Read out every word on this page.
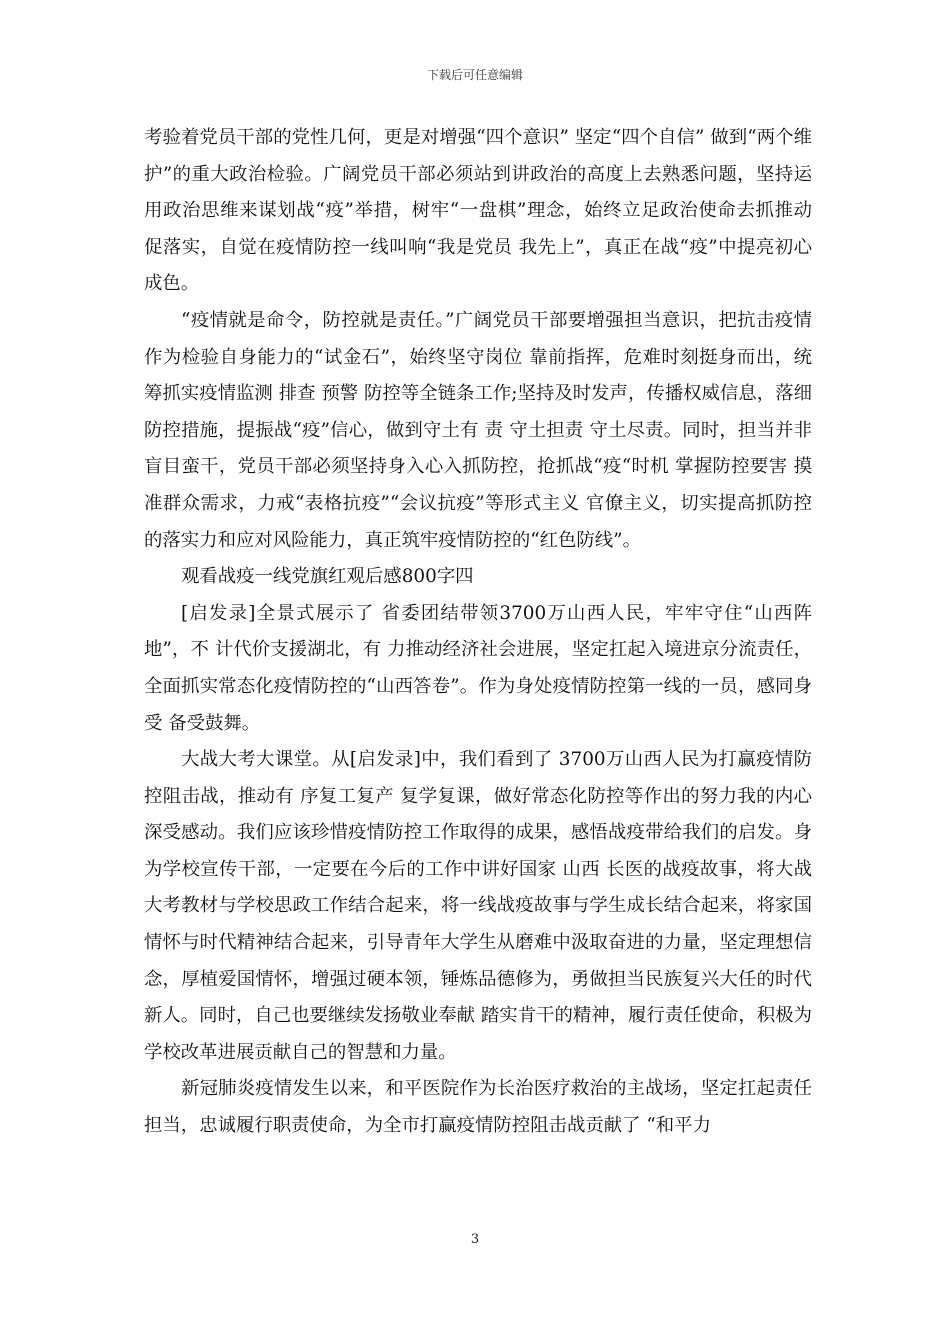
下载后可任意编辑

考验着党员干部的党性几何，更是对增强“四个意识” 坚定“四个自信” 做到“两个维护”的重大政治检验。广阔党员干部必须站到讲政治的高度上去熟悉问题，坚持运用政治思维来谋划战“疫”举措，树牢“一盘棋”理念，始终立足政治使命去抓推动 促落实，自觉在疫情防控一线叫响“我是党员 我先上”，真正在战“疫”中提亮初心成色。

“疫情就是命令，防控就是责任。”广阔党员干部要增强担当意识，把抗击疫情作为检验自身能力的“试金石”，始终坚守岗位 靠前指挥，危难时刻挺身而出，统筹抓实疫情监测 排查 预警 防控等全链条工作;坚持及时发声，传播权威信息，落细防控措施，提振战“疫”信心，做到守土有 责 守土担责 守土尽责。同时，担当并非盲目蛮干，党员干部必须坚持身入心入抓防控，抢抓战“疫“时机 掌握防控要害 摸准群众需求，力戒“表格抗疫”“会议抗疫”等形式主义 官僚主义，切实提高抓防控的落实力和应对风险能力，真正筑牢疫情防控的“红色防线”。

观看战疫一线党旗红观后感800字四

[启发录]全景式展示了 省委团结带领3700万山西人民，牢牢守住“山西阵地”，不 计代价支援湖北，有 力推动经济社会进展，坚定扛起入境进京分流责任，全面抓实常态化疫情防控的“山西答卷”。作为身处疫情防控第一线的一员，感同身受 备受鼓舞。

大战大考大课堂。从[启发录]中，我们看到了 3700万山西人民为打赢疫情防控阻击战，推动有 序复工复产 复学复课，做好常态化防控等作出的努力我的内心深受感动。我们应该珍惜疫情防控工作取得的成果，感悟战疫带给我们的启发。身为学校宣传干部，一定要在今后的工作中讲好国家 山西 长医的战疫故事，将大战大考教材与学校思政工作结合起来，将一线战疫故事与学生成长结合起来，将家国情怀与时代精神结合起来，引导青年大学生从磨难中汲取奋进的力量，坚定理想信念，厚植爱国情怀，增强过硬本领，锤炼品德修为，勇做担当民族复兴大任的时代新人。同时，自己也要继续发扬敬业奉献 踏实肯干的精神，履行责任使命，积极为学校改革进展贡献自己的智慧和力量。

新冠肺炎疫情发生以来，和平医院作为长治医疗救治的主战场，坚定扛起责任担当，忠诚履行职责使命，为全市打赢疫情防控阻击战贡献了 “和平力

3
